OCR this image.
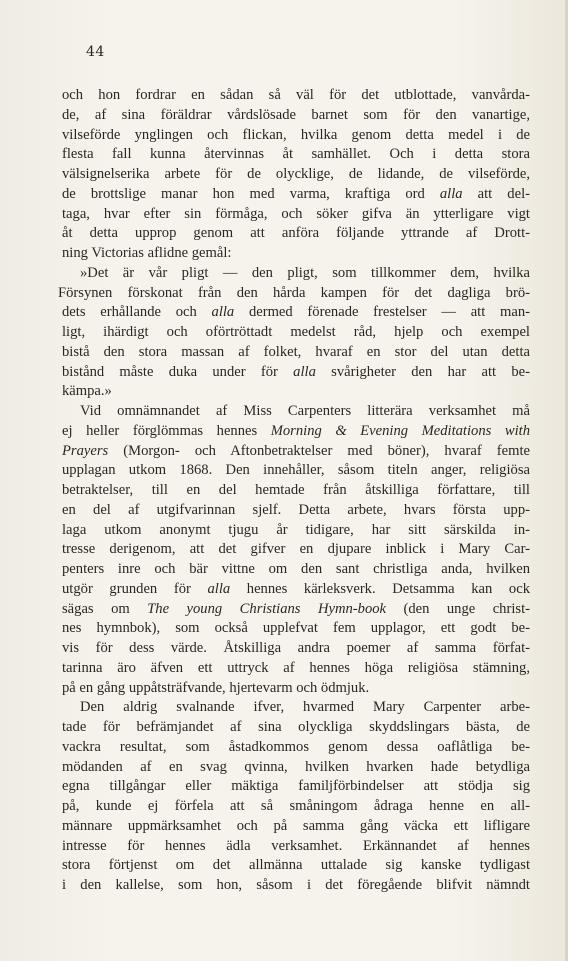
44
och hon fordrar en sådan så väl för det utblottade, vanvårda-
de, af sina föräldrar vårdslösade barnet som för den vanartige,
vilseförde ynglingen och flickan, hvilka genom detta medel i de
flesta fall kunna återvinnas åt samhället. Och i detta stora
välsignelserika arbete för de olycklige, de lidande, de vilseförde,
de brottslige manar hon med varma, kraftiga ord alla att del-
taga, hvar efter sin förmåga, och söker gifva än ytterligare vigt
åt detta upprop genom att anföra följande yttrande af Drott-
ning Victorias aflidne gemål:
»Det är vår pligt — den pligt, som tillkommer dem, hvilka
Försynen förskonat från den hårda kampen för det dagliga brö-
dets erhållande och alla dermed förenade frestelser — att man-
ligt, ihärdigt och oförtröttadt medelst råd, hjelp och exempel
bistå den stora massan af folket, hvaraf en stor del utan detta
bistånd måste duka under för alla svårigheter den har att be-
kämpa.»
Vid omnämnandet af Miss Carpenters litterära verksamhet må
ej heller förglömmas hennes Morning & Evening Meditations with
Prayers (Morgon- och Aftonbetraktelser med böner), hvaraf femte
upplagan utkom 1868. Den innehåller, såsom titeln anger, religiösa
betraktelser, till en del hemtade från åtskilliga författare, till
en del af utgifvarinnan sjelf. Detta arbete, hvars första upp-
laga utkom anonymt tjugu år tidigare, har sitt särskilda in-
tresse derigenom, att det gifver en djupare inblick i Mary Car-
penters inre och bär vittne om den sant christliga anda, hvilken
utgör grunden för alla hennes kärleksverk. Detsamma kan ock
sägas om The young Christians Hymn-book (den unge christ-
nes hymnbok), som också upplefvat fem upplagor, ett godt be-
vis för dess värde. Åtskilliga andra poemer af samma förfat-
tarinna äro äfven ett uttryck af hennes höga religiösa stämning,
på en gång uppåtsträfvande, hjertevarm och ödmjuk.
Den aldrig svalnande ifver, hvarmed Mary Carpenter arbe-
tade för befrämjandet af sina olyckliga skyddslingars bästa, de
vackra resultat, som åstadkommos genom dessa oaflåtliga be-
mödanden af en svag qvinna, hvilken hvarken hade betydliga
egna tillgångar eller mäktiga familjförbindelser att stödja sig
på, kunde ej förfela att så småningom ådraga henne en all-
männare uppmärksamhet och på samma gång väcka ett lifligare
intresse för hennes ädla verksamhet. Erkännandet af hennes
stora förtjenst om det allmänna uttalade sig kanske tydligast
i den kallelse, som hon, såsom i det föregående blifvit nämndt
